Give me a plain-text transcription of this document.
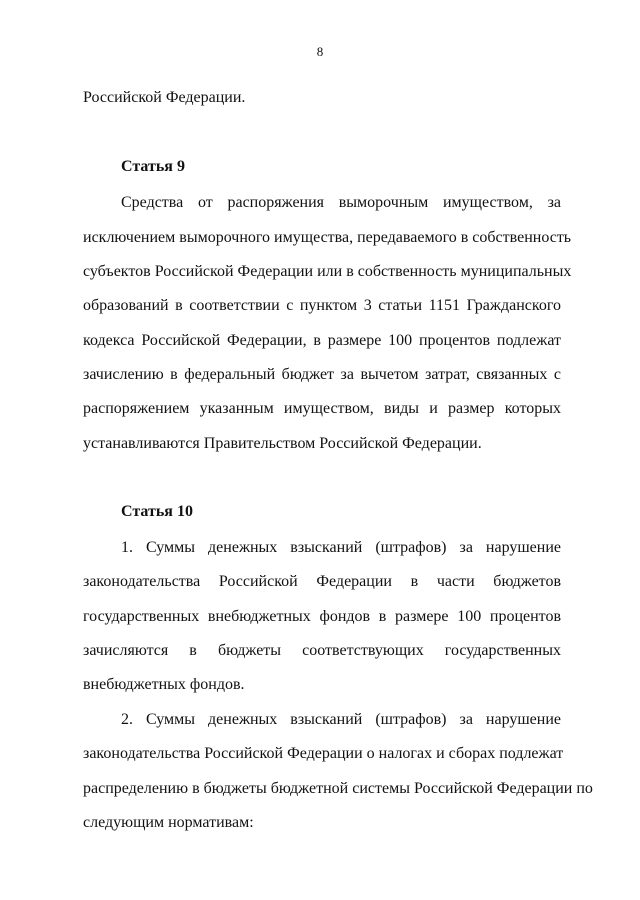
8
Российской Федерации.
Статья 9
Средства от распоряжения выморочным имуществом, за
исключением выморочного имущества, передаваемого в собственность
субъектов Российской Федерации или в собственность муниципальных
образований в соответствии с пунктом 3 статьи 1151 Гражданского
кодекса Российской Федерации, в размере 100 процентов подлежат
зачислению в федеральный бюджет за вычетом затрат, связанных с
распоряжением указанным имуществом, виды и размер которых
устанавливаются Правительством Российской Федерации.
Статья 10
1. Суммы денежных взысканий (штрафов) за нарушение
законодательства Российской Федерации в части бюджетов
государственных внебюджетных фондов в размере 100 процентов
зачисляются в бюджеты соответствующих государственных
внебюджетных фондов.
2. Суммы денежных взысканий (штрафов) за нарушение
законодательства Российской Федерации о налогах и сборах подлежат
распределению в бюджеты бюджетной системы Российской Федерации по
следующим нормативам:
